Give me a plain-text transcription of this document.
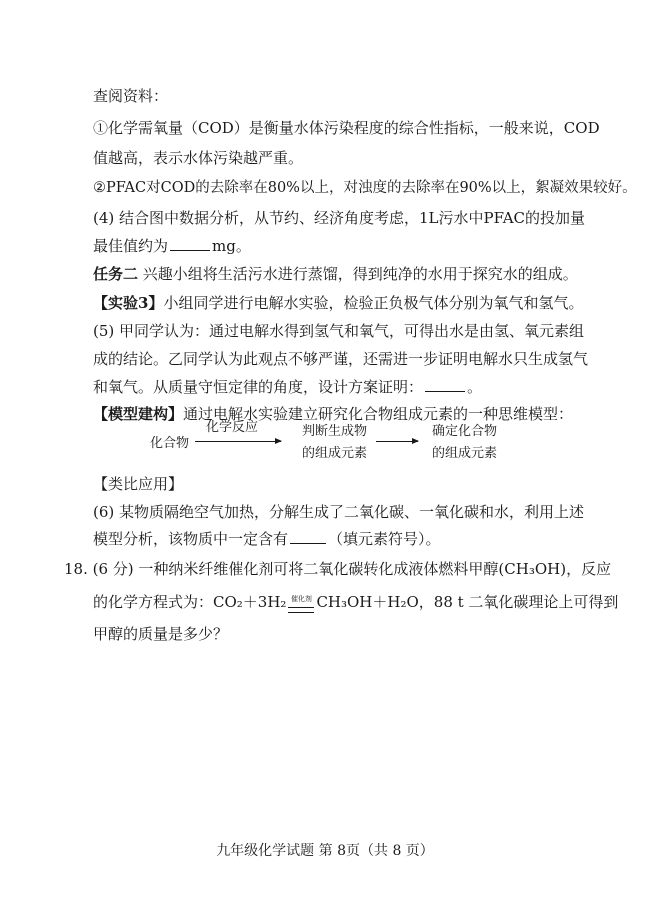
查阅资料：
①化学需氧量（COD）是衡量水体污染程度的综合性指标，一般来说，COD
值越高，表示水体污染越严重。
②PFAC对COD的去除率在80%以上，对浊度的去除率在90%以上，絮凝效果较好。
(4) 结合图中数据分析，从节约、经济角度考虑，1L污水中PFAC的投加量
最佳值约为	mg。
任务二 兴趣小组将生活污水进行蒸馏，得到纯净的水用于探究水的组成。
【实验3】小组同学进行电解水实验，检验正负极气体分别为氧气和氢气。
(5) 甲同学认为：通过电解水得到氢气和氧气，可得出水是由氢、氧元素组
成的结论。乙同学认为此观点不够严谨，还需进一步证明电解水只生成氢气
和氧气。从质量守恒定律的角度，设计方案证明：	。
【模型建构】通过电解水实验建立研究化合物组成元素的一种思维模型：
化合物
化学反应	判断生成物
的组成元素
确定化合物
的组成元素
【类比应用】
(6) 某物质隔绝空气加热，分解生成了二氧化碳、一氧化碳和水，利用上述
模型分析，该物质中一定含有	（填元素符号）。
18. (6 分) 一种纳米纤维催化剂可将二氧化碳转化成液体燃料甲醇(CH₃OH)，反应
的化学方程式为：CO₂＋3H₂ 催化剂 CH₃OH＋H₂O，88 t 二氧化碳理论上可得到
甲醇的质量是多少？
九年级化学试题 第 8页（共 8 页）
